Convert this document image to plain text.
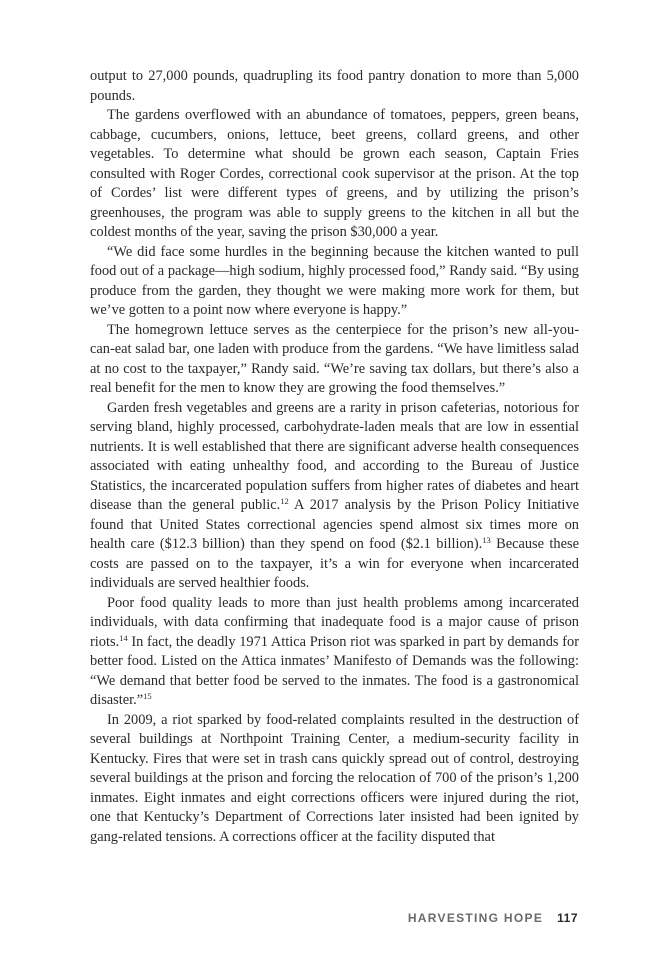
output to 27,000 pounds, quadrupling its food pantry donation to more than 5,000 pounds.

The gardens overflowed with an abundance of tomatoes, peppers, green beans, cabbage, cucumbers, onions, lettuce, beet greens, collard greens, and other vegetables. To determine what should be grown each season, Captain Fries consulted with Roger Cordes, correctional cook supervisor at the prison. At the top of Cordes’ list were different types of greens, and by utilizing the prison’s greenhouses, the program was able to supply greens to the kitchen in all but the coldest months of the year, saving the prison $30,000 a year.

“We did face some hurdles in the beginning because the kitchen wanted to pull food out of a package—high sodium, highly processed food,” Randy said. “By using produce from the garden, they thought we were making more work for them, but we’ve gotten to a point now where everyone is happy.”

The homegrown lettuce serves as the centerpiece for the prison’s new all-you-can-eat salad bar, one laden with produce from the gardens. “We have limitless salad at no cost to the taxpayer,” Randy said. “We’re saving tax dollars, but there’s also a real benefit for the men to know they are growing the food themselves.”

Garden fresh vegetables and greens are a rarity in prison cafeterias, notorious for serving bland, highly processed, carbohydrate-laden meals that are low in essential nutrients. It is well established that there are significant adverse health consequences associated with eating unhealthy food, and according to the Bureau of Justice Statistics, the incarcerated population suffers from higher rates of diabetes and heart disease than the general public.$^{12}$ A 2017 analysis by the Prison Policy Initiative found that United States correctional agencies spend almost six times more on health care ($12.3 billion) than they spend on food ($2.1 billion).$^{13}$ Because these costs are passed on to the taxpayer, it’s a win for everyone when incarcerated individuals are served healthier foods.

Poor food quality leads to more than just health problems among incarcerated individuals, with data confirming that inadequate food is a major cause of prison riots.$^{14}$ In fact, the deadly 1971 Attica Prison riot was sparked in part by demands for better food. Listed on the Attica inmates’ Manifesto of Demands was the following: “We demand that better food be served to the inmates. The food is a gastronomical disaster.”$^{15}$

In 2009, a riot sparked by food-related complaints resulted in the destruction of several buildings at Northpoint Training Center, a medium-security facility in Kentucky. Fires that were set in trash cans quickly spread out of control, destroying several buildings at the prison and forcing the relocation of 700 of the prison’s 1,200 inmates. Eight inmates and eight corrections officers were injured during the riot, one that Kentucky’s Department of Corrections later insisted had been ignited by gang-related tensions. A corrections officer at the facility disputed that

HARVESTING HOPE 117
